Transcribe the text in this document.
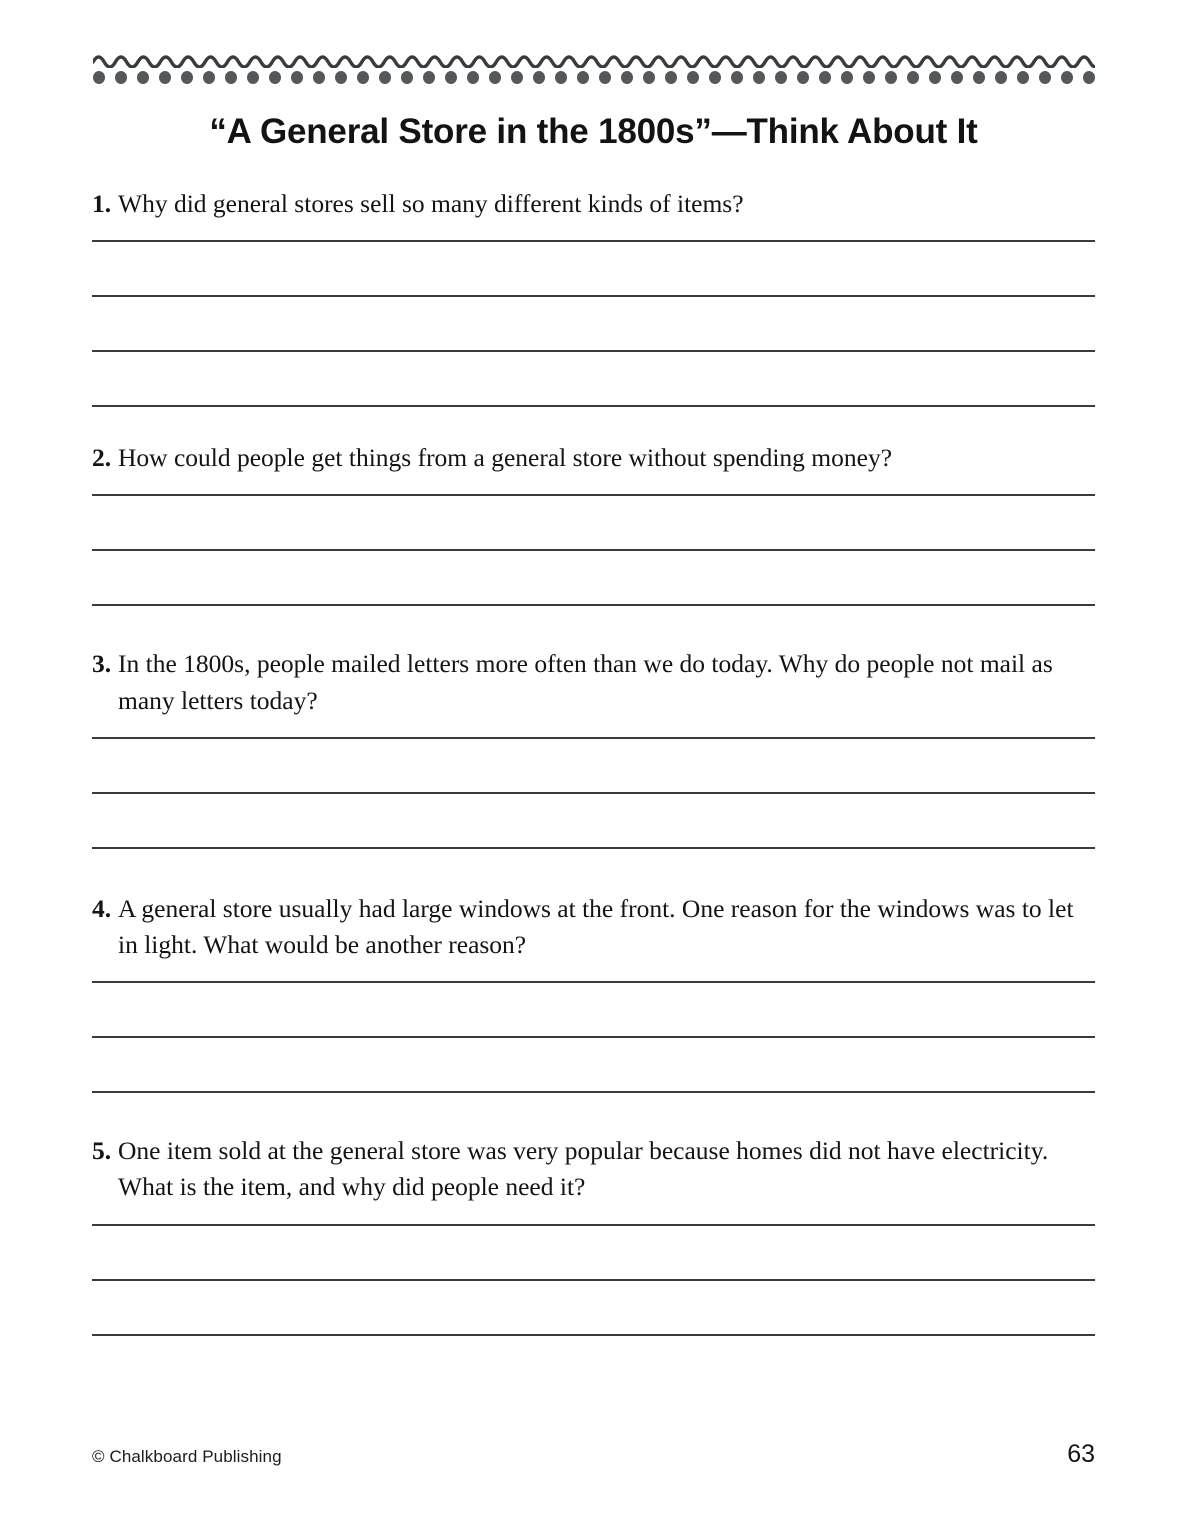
“A General Store in the 1800s”—Think About It
1. Why did general stores sell so many different kinds of items?
2. How could people get things from a general store without spending money?
3. In the 1800s, people mailed letters more often than we do today. Why do people not mail as many letters today?
4. A general store usually had large windows at the front. One reason for the windows was to let in light. What would be another reason?
5. One item sold at the general store was very popular because homes did not have electricity. What is the item, and why did people need it?
© Chalkboard Publishing	63
